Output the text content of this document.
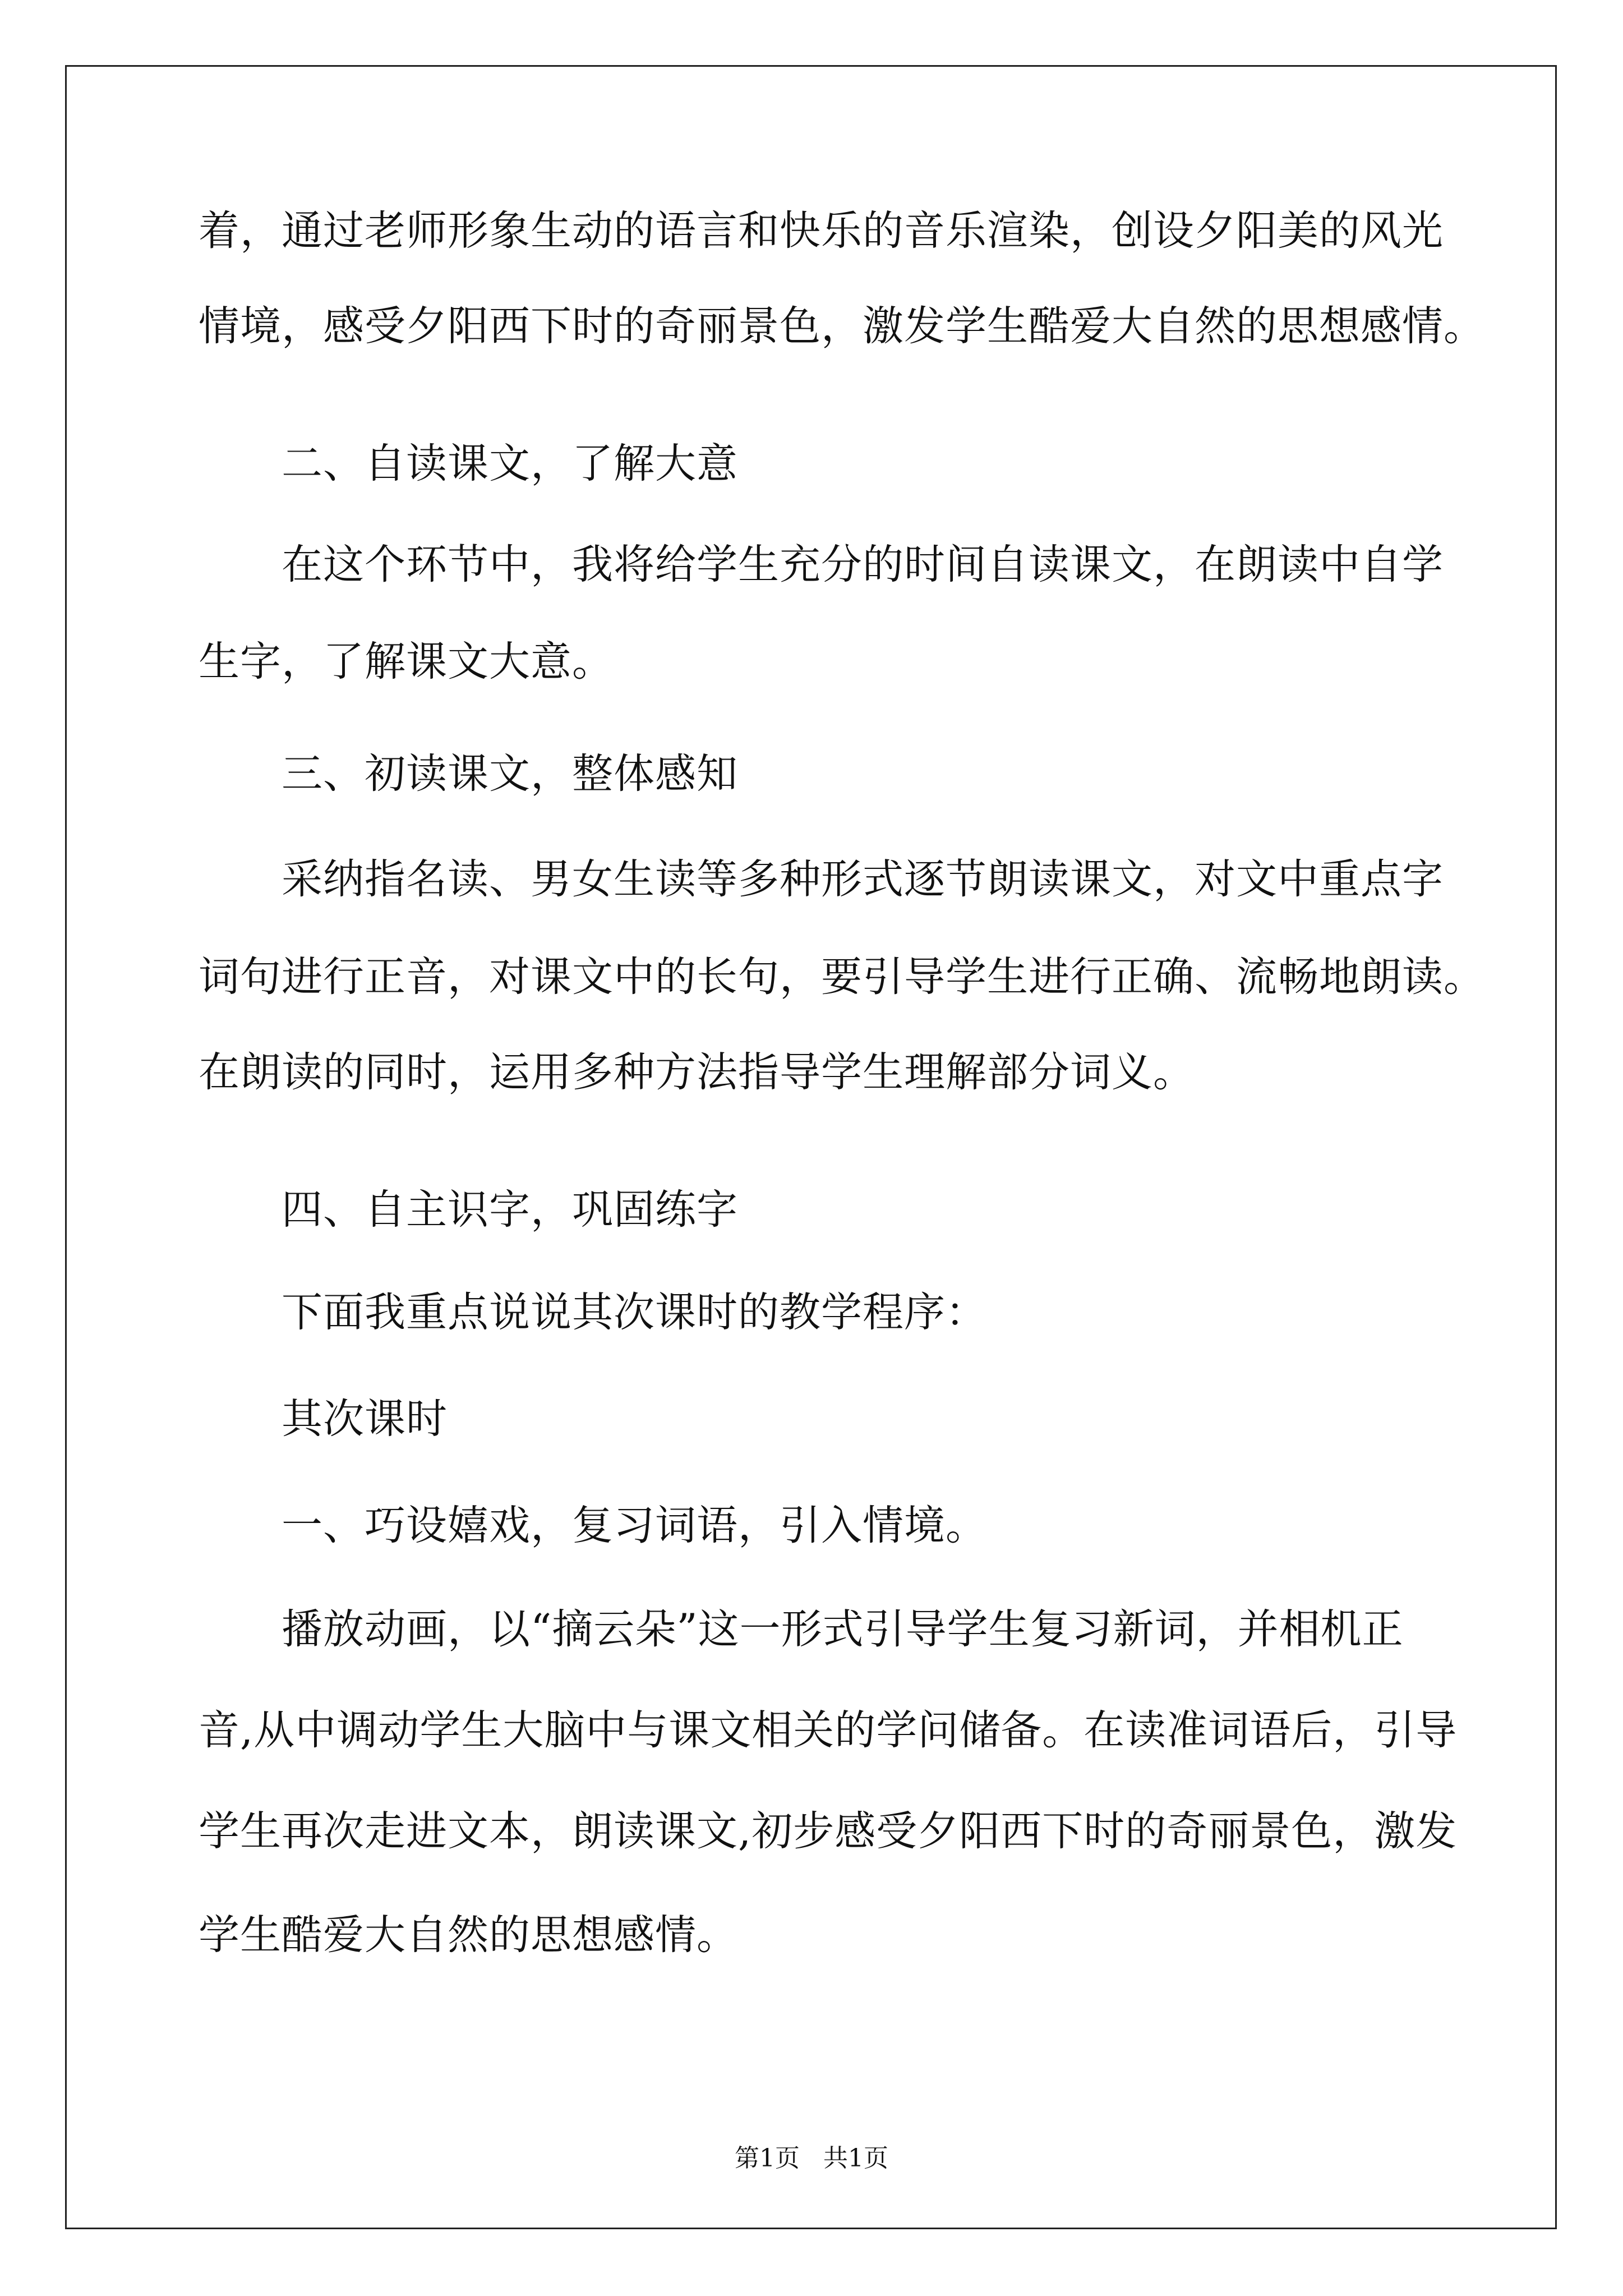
着，通过老师形象生动的语言和快乐的音乐渲染，创设夕阳美的风光
情境，感受夕阳西下时的奇丽景色，激发学生酷爱大自然的思想感情。
二、自读课文，了解大意
在这个环节中，我将给学生充分的时间自读课文，在朗读中自学
生字，了解课文大意。
三、初读课文，整体感知
采纳指名读、男女生读等多种形式逐节朗读课文，对文中重点字
词句进行正音，对课文中的长句，要引导学生进行正确、流畅地朗读。
在朗读的同时，运用多种方法指导学生理解部分词义。
四、自主识字，巩固练字
下面我重点说说其次课时的教学程序：
其次课时
一、巧设嬉戏，复习词语，引入情境。
播放动画，以“摘云朵”这一形式引导学生复习新词，并相机正
音,从中调动学生大脑中与课文相关的学问储备。在读准词语后，引导
学生再次走进文本，朗读课文,初步感受夕阳西下时的奇丽景色，激发
学生酷爱大自然的思想感情。
第1页   共1页
